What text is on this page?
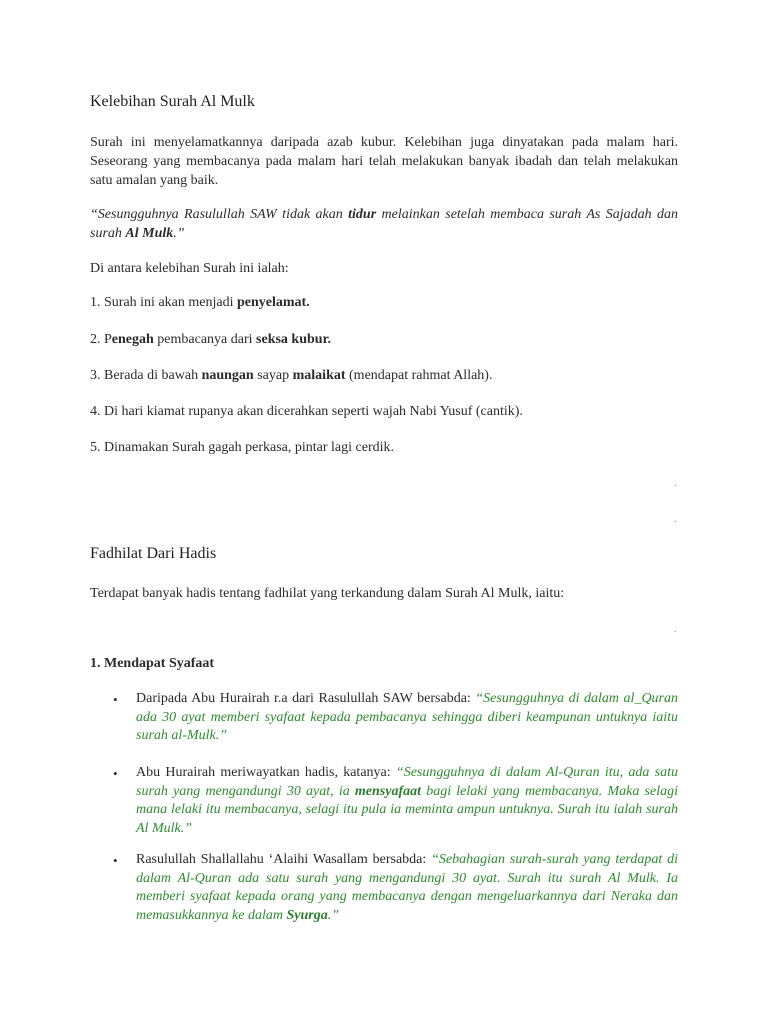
Kelebihan Surah Al Mulk
Surah ini menyelamatkannya daripada azab kubur. Kelebihan juga dinyatakan pada malam hari. Seseorang yang membacanya pada malam hari telah melakukan banyak ibadah dan telah melakukan satu amalan yang baik.
“Sesungguhnya Rasulullah SAW tidak akan tidur melainkan setelah membaca surah As Sajadah dan surah Al Mulk.”
Di antara kelebihan Surah ini ialah:
1. Surah ini akan menjadi penyelamat.
2. Penegah pembacanya dari seksa kubur.
3. Berada di bawah naungan sayap malaikat (mendapat rahmat Allah).
4. Di hari kiamat rupanya akan dicerahkan seperti wajah Nabi Yusuf (cantik).
5. Dinamakan Surah gagah perkasa, pintar lagi cerdik.
Fadhilat Dari Hadis
Terdapat banyak hadis tentang fadhilat yang terkandung dalam Surah Al Mulk, iaitu:
1. Mendapat Syafaat
• Daripada Abu Hurairah r.a dari Rasulullah SAW bersabda: “Sesungguhnya di dalam al_Quran ada 30 ayat memberi syafaat kepada pembacanya sehingga diberi keampunan untuknya iaitu surah al-Mulk.”
• Abu Hurairah meriwayatkan hadis, katanya: “Sesungguhnya di dalam Al-Quran itu, ada satu surah yang mengandungi 30 ayat, ia mensyafaat bagi lelaki yang membacanya. Maka selagi mana lelaki itu membacanya, selagi itu pula ia meminta ampun untuknya. Surah itu ialah surah Al Mulk.”
• Rasulullah Shallallahu ‘Alaihi Wasallam bersabda: “Sebahagian surah-surah yang terdapat di dalam Al-Quran ada satu surah yang mengandungi 30 ayat. Surah itu surah Al Mulk. Ia memberi syafaat kepada orang yang membacanya dengan mengeluarkannya dari Neraka dan memasukkannya ke dalam Syurga.”
.
.
.
